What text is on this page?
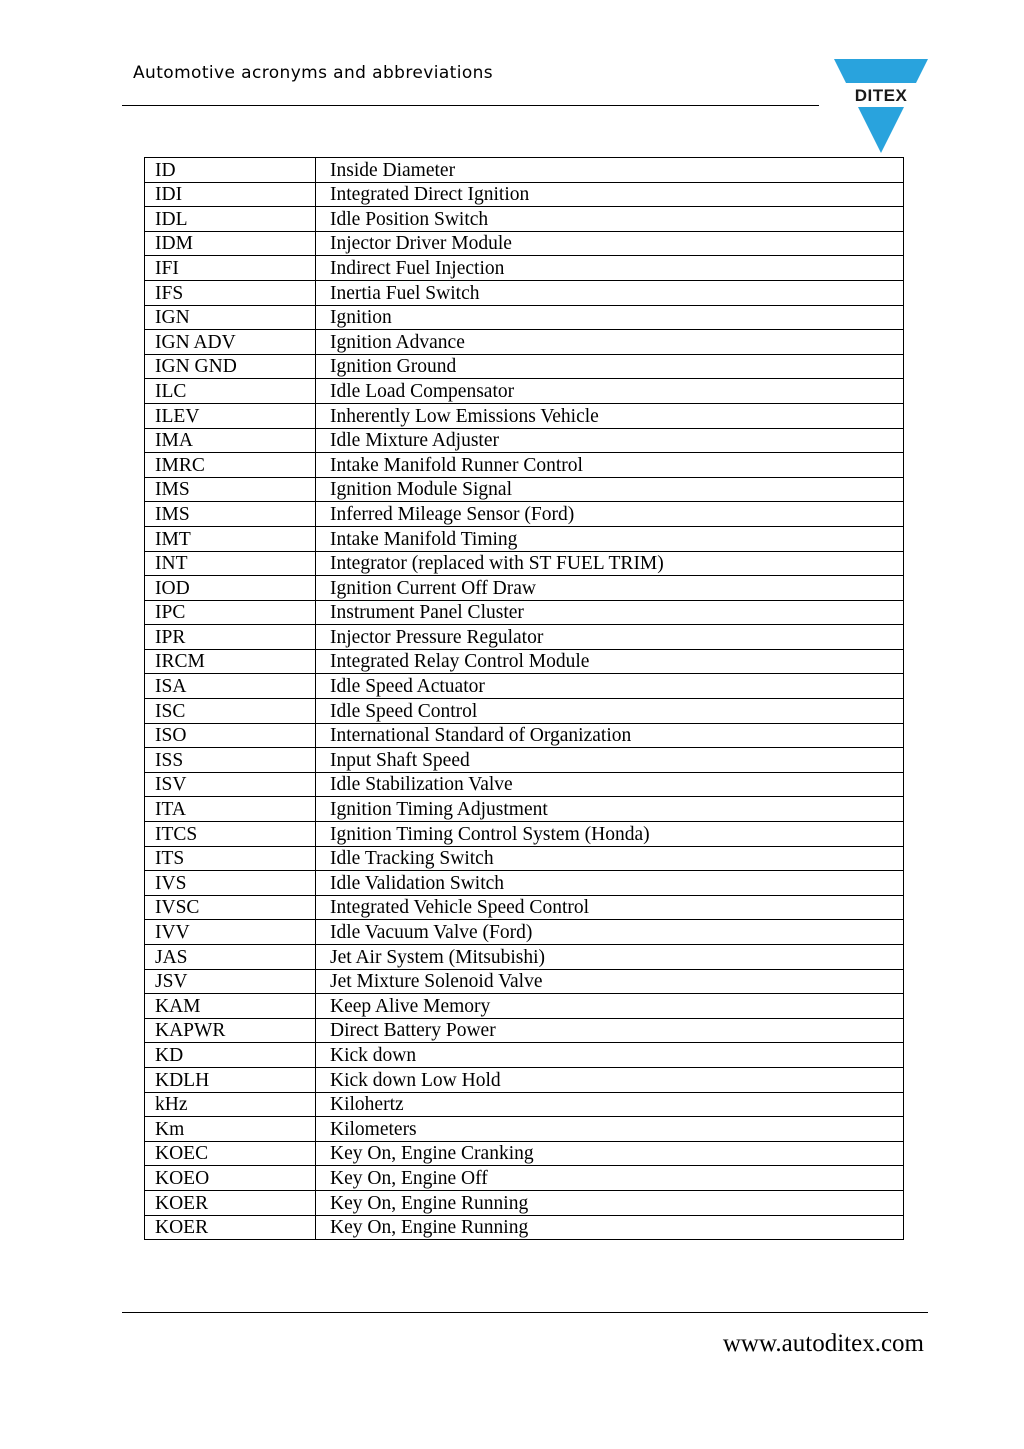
Automotive acronyms and abbreviations
DITEX
ID	Inside Diameter
IDI	Integrated Direct Ignition
IDL	Idle Position Switch
IDM	Injector Driver Module
IFI	Indirect Fuel Injection
IFS	Inertia Fuel Switch
IGN	Ignition
IGN ADV	Ignition Advance
IGN GND	Ignition Ground
ILC	Idle Load Compensator
ILEV	Inherently Low Emissions Vehicle
IMA	Idle Mixture Adjuster
IMRC	Intake Manifold Runner Control
IMS	Ignition Module Signal
IMS	Inferred Mileage Sensor (Ford)
IMT	Intake Manifold Timing
INT	Integrator (replaced with ST FUEL TRIM)
IOD	Ignition Current Off Draw
IPC	Instrument Panel Cluster
IPR	Injector Pressure Regulator
IRCM	Integrated Relay Control Module
ISA	Idle Speed Actuator
ISC	Idle Speed Control
ISO	International Standard of Organization
ISS	Input Shaft Speed
ISV	Idle Stabilization Valve
ITA	Ignition Timing Adjustment
ITCS	Ignition Timing Control System (Honda)
ITS	Idle Tracking Switch
IVS	Idle Validation Switch
IVSC	Integrated Vehicle Speed Control
IVV	Idle Vacuum Valve (Ford)
JAS	Jet Air System (Mitsubishi)
JSV	Jet Mixture Solenoid Valve
KAM	Keep Alive Memory
KAPWR	Direct Battery Power
KD	Kick down
KDLH	Kick down Low Hold
kHz	Kilohertz
Km	Kilometers
KOEC	Key On, Engine Cranking
KOEO	Key On, Engine Off
KOER	Key On, Engine Running
KOER	Key On, Engine Running
www.autoditex.com
